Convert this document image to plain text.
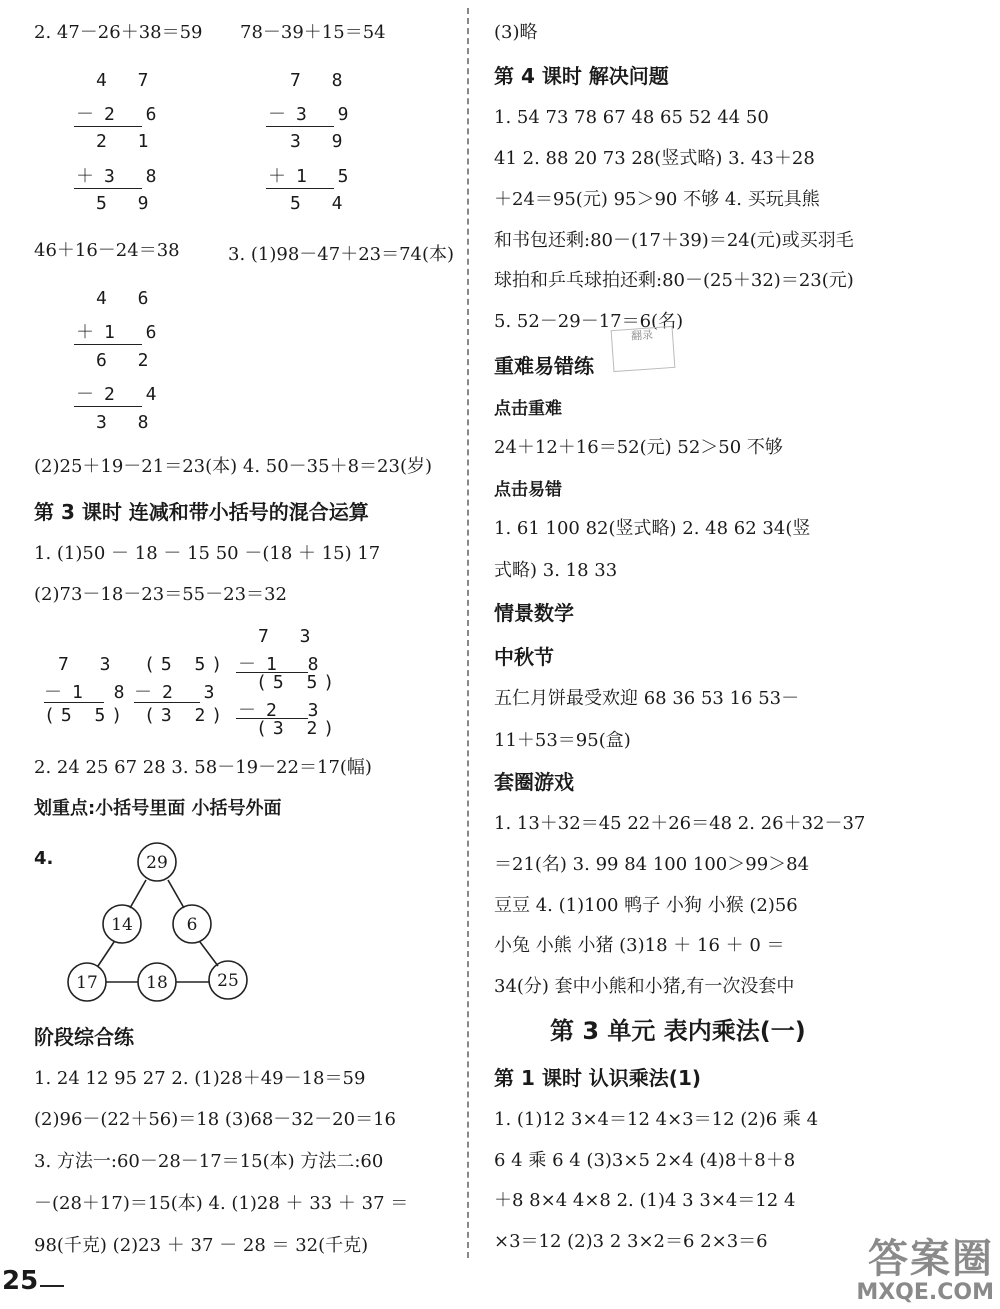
2. 47－26＋38＝59 78－39＋15＝54
4 7
－2 6
2 1
＋3 8
5 9
7 8
－3 9
3 9
＋1 5
5 4
46＋16－24＝38	3. (1)98－47＋23＝74(本)
4 6
＋1 6
6 2
－2 4
3 8
(2)25＋19－21＝23(本) 4. 50－35＋8＝23(岁)
第 3 课时 连减和带小括号的混合运算
1. (1)50 － 18 － 15 50 －(18 ＋ 15) 17
(2)73－18－23＝55－23＝32
7 3
－1 8
(5 5)
(5 5)
－2 3
(3 2)
7 3
－1 8
(5 5)
－2 3
(3 2)
2. 24 25 67 28 3. 58－19－22＝17(幅)
划重点:小括号里面 小括号外面
4.	29
14	6
17	18	25
阶段综合练
1. 24 12 95 27 2. (1)28＋49－18＝59
(2)96－(22＋56)＝18 (3)68－32－20＝16
3. 方法一:60－28－17＝15(本) 方法二:60
－(28＋17)＝15(本) 4. (1)28 ＋ 33 ＋ 37 ＝
98(千克) (2)23 ＋ 37 － 28 ＝ 32(千克)
(3)略
第 4 课时 解决问题
1. 54 73 78 67 48 65 52 44 50
41 2. 88 20 73 28(竖式略) 3. 43＋28
＋24＝95(元) 95＞90 不够 4. 买玩具熊
和书包还剩:80－(17＋39)＝24(元)或买羽毛
球拍和乒乓球拍还剩:80－(25＋32)＝23(元)
5. 52－29－17＝6(名)
翻录
重难易错练
点击重难
24＋12＋16＝52(元) 52＞50 不够
点击易错
1. 61 100 82(竖式略) 2. 48 62 34(竖
式略) 3. 18 33
情景数学
中秋节
五仁月饼最受欢迎 68 36 53 16 53－
11＋53＝95(盒)
套圈游戏
1. 13＋32＝45 22＋26＝48 2. 26＋32－37
＝21(名) 3. 99 84 100 100＞99＞84
豆豆 4. (1)100 鸭子 小狗 小猴 (2)56
小兔 小熊 小猪 (3)18 ＋ 16 ＋ 0 ＝
34(分) 套中小熊和小猪,有一次没套中
第 3 单元 表内乘法(一)
第 1 课时 认识乘法(1)
1. (1)12 3×4＝12 4×3＝12 (2)6 乘 4
6 4 乘 6 4 (3)3×5 2×4 (4)8＋8＋8
＋8 8×4 4×8 2. (1)4 3 3×4＝12 4
×3＝12 (2)3 2 3×2＝6 2×3＝6
25	答案圈
MXQE.COM
